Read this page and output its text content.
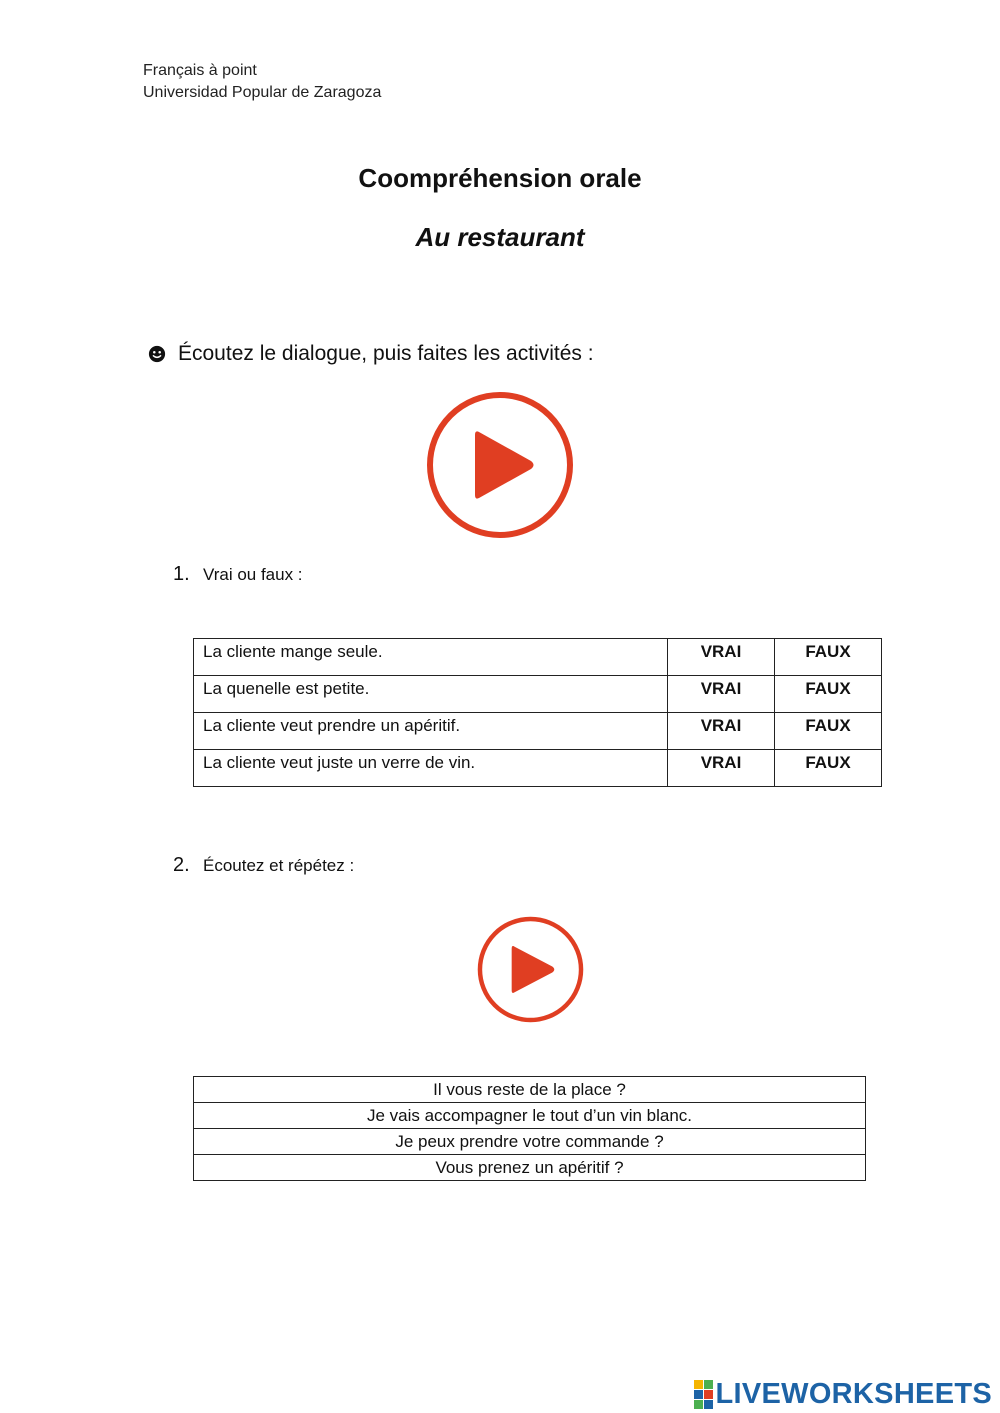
Français à point
Universidad Popular de Zaragoza
Coompréhension orale
Au restaurant
Écoutez le dialogue, puis faites les activités :
1. Vrai ou faux :
La cliente mange seule.	VRAI	FAUX
La quenelle est petite.	VRAI	FAUX
La cliente veut prendre un apéritif.	VRAI	FAUX
La cliente veut juste un verre de vin.	VRAI	FAUX
2. Écoutez et répétez :
Il vous reste de la place ?
Je vais accompagner le tout d’un vin blanc.
Je peux prendre votre commande ?
Vous prenez un apéritif ?
LIVEWORKSHEETS
